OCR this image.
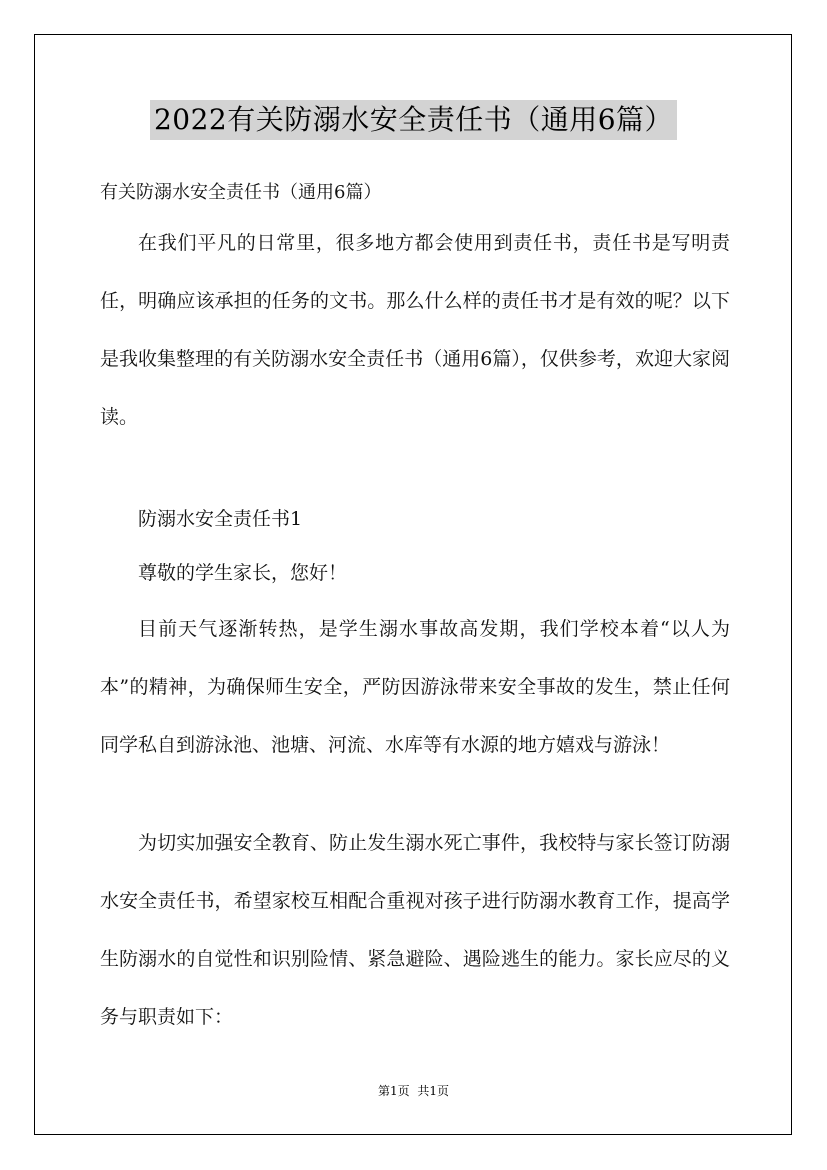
2022有关防溺水安全责任书（通用6篇）
有关防溺水安全责任书（通用6篇）

在我们平凡的日常里，很多地方都会使用到责任书，责任书是写明责任，明确应该承担的任务的文书。那么什么样的责任书才是有效的呢？以下是我收集整理的有关防溺水安全责任书（通用6篇），仅供参考，欢迎大家阅读。

防溺水安全责任书1

尊敬的学生家长，您好！

目前天气逐渐转热，是学生溺水事故高发期，我们学校本着“以人为本”的精神，为确保师生安全，严防因游泳带来安全事故的发生，禁止任何同学私自到游泳池、池塘、河流、水库等有水源的地方嬉戏与游泳！

为切实加强安全教育、防止发生溺水死亡事件，我校特与家长签订防溺水安全责任书，希望家校互相配合重视对孩子进行防溺水教育工作，提高学生防溺水的自觉性和识别险情、紧急避险、遇险逃生的能力。家长应尽的义务与职责如下：

第1页 共1页
